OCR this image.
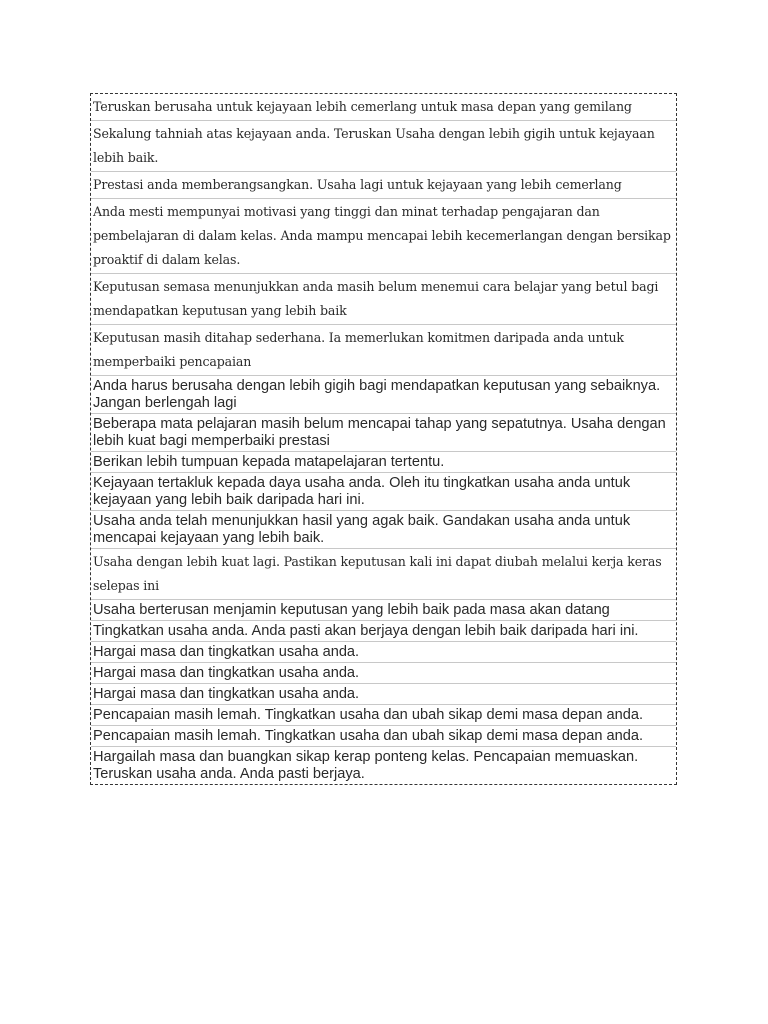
Teruskan berusaha untuk kejayaan lebih cemerlang untuk masa depan yang gemilang
Sekalung tahniah atas kejayaan anda. Teruskan Usaha dengan lebih gigih untuk kejayaan lebih baik.
Prestasi anda memberangsangkan. Usaha lagi untuk kejayaan yang lebih cemerlang
Anda mesti mempunyai motivasi yang tinggi dan minat terhadap pengajaran dan pembelajaran di dalam kelas. Anda mampu mencapai lebih kecemerlangan dengan bersikap proaktif di dalam kelas.
Keputusan semasa menunjukkan anda masih belum menemui cara belajar yang betul bagi mendapatkan keputusan yang lebih baik
Keputusan masih ditahap sederhana. Ia memerlukan komitmen daripada anda untuk memperbaiki pencapaian
Anda harus berusaha dengan lebih gigih bagi mendapatkan keputusan yang sebaiknya. Jangan berlengah lagi
Beberapa mata pelajaran masih belum mencapai tahap yang sepatutnya. Usaha dengan lebih kuat bagi memperbaiki prestasi
Berikan lebih tumpuan kepada matapelajaran tertentu.
Kejayaan tertakluk kepada daya usaha anda. Oleh itu tingkatkan usaha anda untuk kejayaan yang lebih baik daripada hari ini.
Usaha anda telah menunjukkan hasil yang agak baik. Gandakan usaha anda untuk mencapai kejayaan yang lebih baik.
Usaha dengan lebih kuat lagi. Pastikan keputusan kali ini dapat diubah melalui kerja keras selepas ini
Usaha berterusan menjamin keputusan yang lebih baik pada masa akan datang
Tingkatkan usaha anda. Anda pasti akan berjaya dengan lebih baik daripada hari ini.
Hargai masa dan tingkatkan usaha anda.
Hargai masa dan tingkatkan usaha anda.
Hargai masa dan tingkatkan usaha anda.
Pencapaian masih lemah. Tingkatkan usaha dan ubah sikap demi masa depan anda.
Pencapaian masih lemah. Tingkatkan usaha dan ubah sikap demi masa depan anda.
Hargailah masa dan buangkan sikap kerap ponteng kelas. Pencapaian memuaskan. Teruskan usaha anda. Anda pasti berjaya.
